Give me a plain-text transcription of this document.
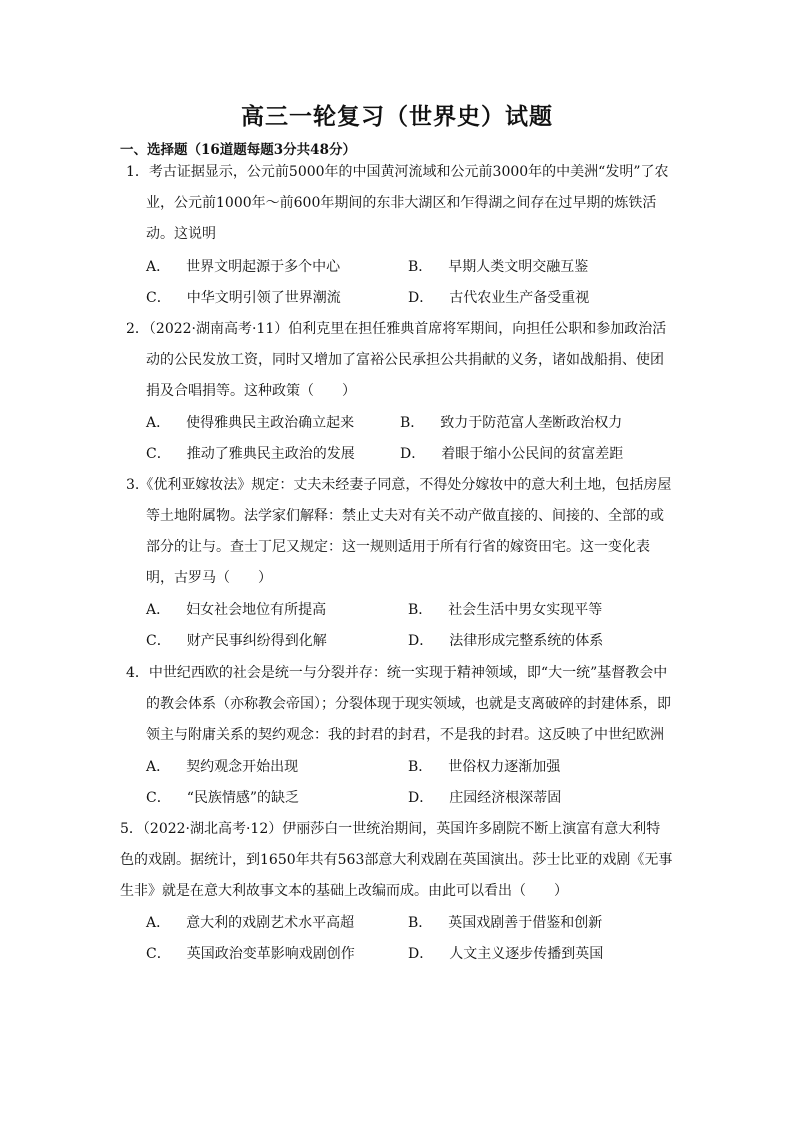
高三一轮复习（世界史）试题
一、选择题（16道题每题3分共48分）
1．考古证据显示，公元前5000年的中国黄河流域和公元前3000年的中美洲“发明”了农业，公元前1000年～前600年期间的东非大湖区和乍得湖之间存在过早期的炼铁活动。这说明
A． 世界文明起源于多个中心	B． 早期人类文明交融互鉴
C． 中华文明引领了世界潮流	D． 古代农业生产备受重视
2．（2022·湖南高考·11）伯利克里在担任雅典首席将军期间，向担任公职和参加政治活动的公民发放工资，同时又增加了富裕公民承担公共捐献的义务，诸如战船捐、使团捐及合唱捐等。这种政策（　　）
A． 使得雅典民主政治确立起来	B． 致力于防范富人垄断政治权力
C． 推动了雅典民主政治的发展	D． 着眼于缩小公民间的贫富差距
3.《优利亚嫁妆法》规定：丈夫未经妻子同意，不得处分嫁妆中的意大利土地，包括房屋等土地附属物。法学家们解释：禁止丈夫对有关不动产做直接的、间接的、全部的或部分的让与。查士丁尼又规定：这一规则适用于所有行省的嫁资田宅。这一变化表明，古罗马（　　）
A． 妇女社会地位有所提高	B． 社会生活中男女实现平等
C． 财产民事纠纷得到化解	D． 法律形成完整系统的体系
4．中世纪西欧的社会是统一与分裂并存：统一实现于精神领域，即“大一统”基督教会中的教会体系（亦称教会帝国）；分裂体现于现实领域，也就是支离破碎的封建体系，即领主与附庸关系的契约观念：我的封君的封君，不是我的封君。这反映了中世纪欧洲
A． 契约观念开始出现	B． 世俗权力逐渐加强
C． “民族情感”的缺乏	D． 庄园经济根深蒂固
5．（2022·湖北高考·12）伊丽莎白一世统治期间，英国许多剧院不断上演富有意大利特色的戏剧。据统计，到1650年共有563部意大利戏剧在英国演出。莎士比亚的戏剧《无事生非》就是在意大利故事文本的基础上改编而成。由此可以看出（　　）
A． 意大利的戏剧艺术水平高超	B． 英国戏剧善于借鉴和创新
C． 英国政治变革影响戏剧创作	D． 人文主义逐步传播到英国
